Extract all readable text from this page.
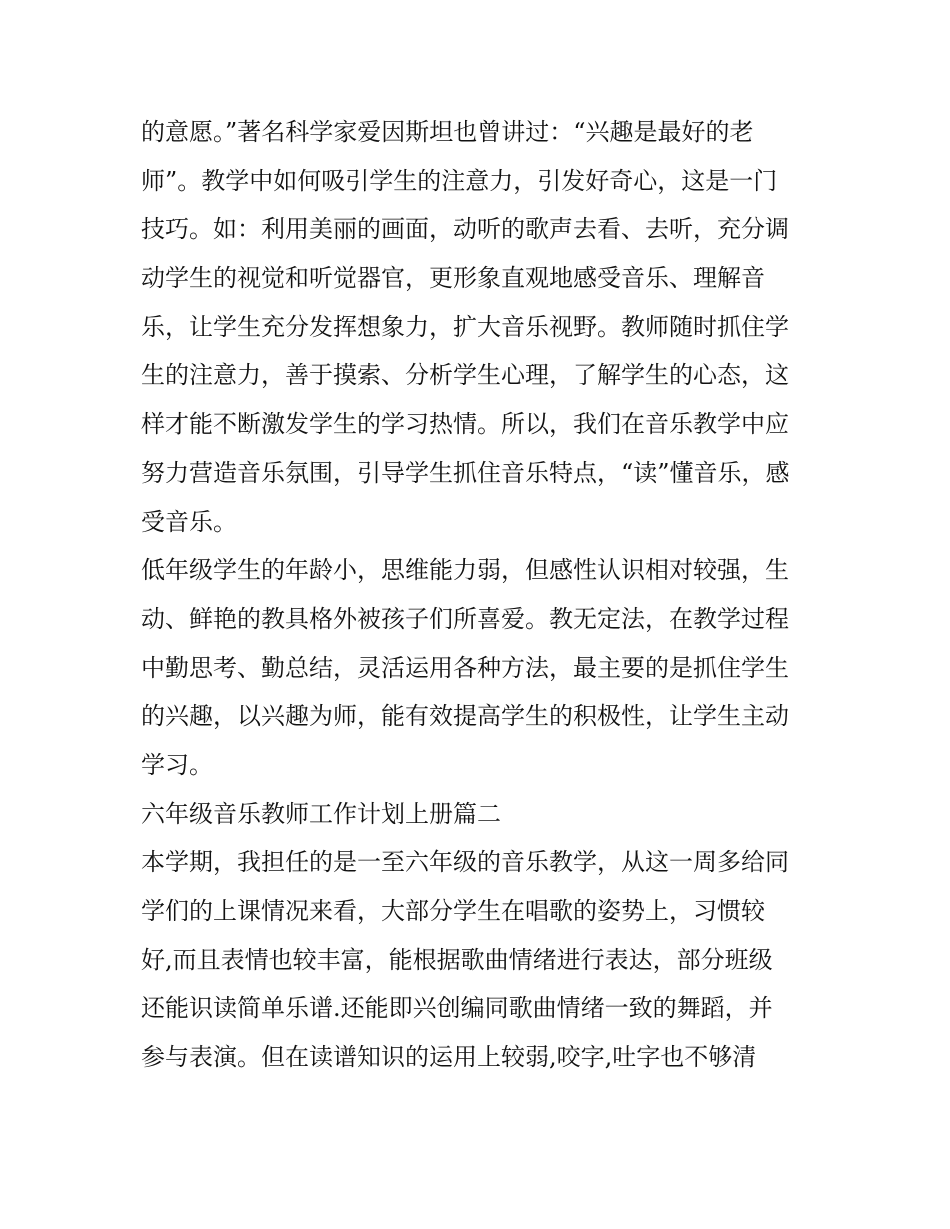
的意愿。”著名科学家爱因斯坦也曾讲过：“兴趣是最好的老
师”。教学中如何吸引学生的注意力，引发好奇心，这是一门
技巧。如：利用美丽的画面，动听的歌声去看、去听，充分调
动学生的视觉和听觉器官，更形象直观地感受音乐、理解音
乐，让学生充分发挥想象力，扩大音乐视野。教师随时抓住学
生的注意力，善于摸索、分析学生心理，了解学生的心态，这
样才能不断激发学生的学习热情。所以，我们在音乐教学中应
努力营造音乐氛围，引导学生抓住音乐特点，“读”懂音乐，感
受音乐。
低年级学生的年龄小，思维能力弱，但感性认识相对较强，生
动、鲜艳的教具格外被孩子们所喜爱。教无定法，在教学过程
中勤思考、勤总结，灵活运用各种方法，最主要的是抓住学生
的兴趣，以兴趣为师，能有效提高学生的积极性，让学生主动
学习。
六年级音乐教师工作计划上册篇二
本学期，我担任的是一至六年级的音乐教学，从这一周多给同
学们的上课情况来看，大部分学生在唱歌的姿势上，习惯较
好,而且表情也较丰富，能根据歌曲情绪进行表达，部分班级
还能识读简单乐谱.还能即兴创编同歌曲情绪一致的舞蹈，并
参与表演。但在读谱知识的运用上较弱,咬字,吐字也不够清
